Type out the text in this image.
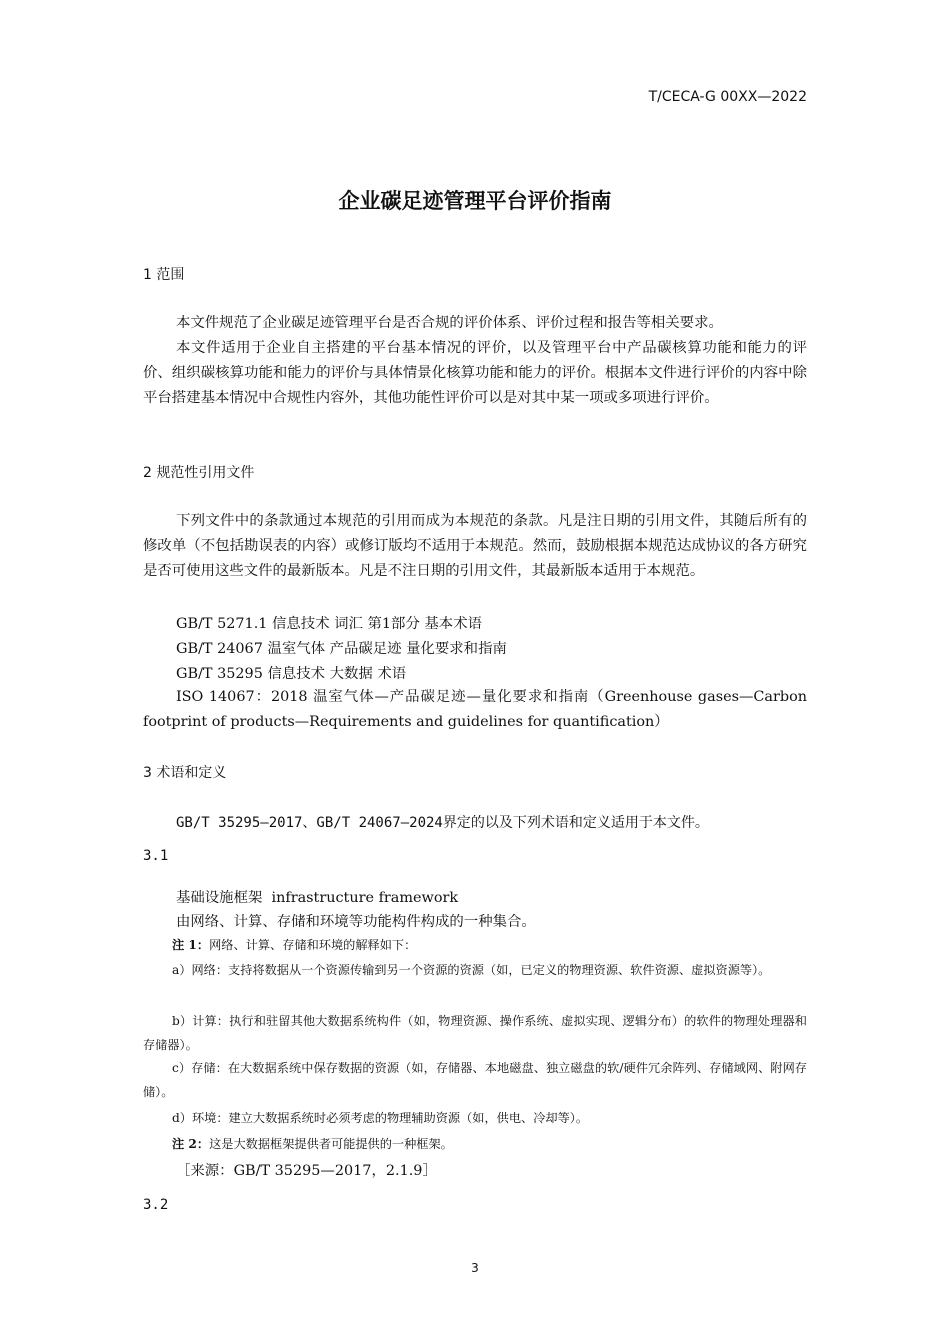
T/CECA-G 00XX—2022
企业碳足迹管理平台评价指南
1 范围

本文件规范了企业碳足迹管理平台是否合规的评价体系、评价过程和报告等相关要求。

本文件适用于企业自主搭建的平台基本情况的评价，以及管理平台中产品碳核算功能和能力的评价、组织碳核算功能和能力的评价与具体情景化核算功能和能力的评价。根据本文件进行评价的内容中除平台搭建基本情况中合规性内容外，其他功能性评价可以是对其中某一项或多项进行评价。

2 规范性引用文件

下列文件中的条款通过本规范的引用而成为本规范的条款。凡是注日期的引用文件，其随后所有的修改单（不包括勘误表的内容）或修订版均不适用于本规范。然而，鼓励根据本规范达成协议的各方研究是否可使用这些文件的最新版本。凡是不注日期的引用文件，其最新版本适用于本规范。

GB/T 5271.1 信息技术 词汇 第1部分 基本术语
GB/T 24067 温室气体 产品碳足迹 量化要求和指南
GB/T 35295 信息技术 大数据 术语

ISO 14067：2018 温室气体—产品碳足迹—量化要求和指南（Greenhouse gases—Carbon footprint of products—Requirements and guidelines for quantification）

3 术语和定义
GB/T 35295—2017、GB/T 24067—2024界定的以及下列术语和定义适用于本文件。
3.1
基础设施框架 infrastructure framework
由网络、计算、存储和环境等功能构件构成的一种集合。

注 1：网络、计算、存储和环境的解释如下：

a）网络：支持将数据从一个资源传输到另一个资源的资源（如，已定义的物理资源、软件资源、虚拟资源等）。

b）计算：执行和驻留其他大数据系统构件（如，物理资源、操作系统、虚拟实现、逻辑分布）的软件的物理处理器和存储器）。

c）存储：在大数据系统中保存数据的资源（如，存储器、本地磁盘、独立磁盘的软/硬件冗余阵列、存储域网、附网存储）。

d）环境：建立大数据系统时必须考虑的物理辅助资源（如，供电、冷却等）。

注 2：这是大数据框架提供者可能提供的一种框架。

［来源：GB/T 35295—2017，2.1.9］
3.2
3
